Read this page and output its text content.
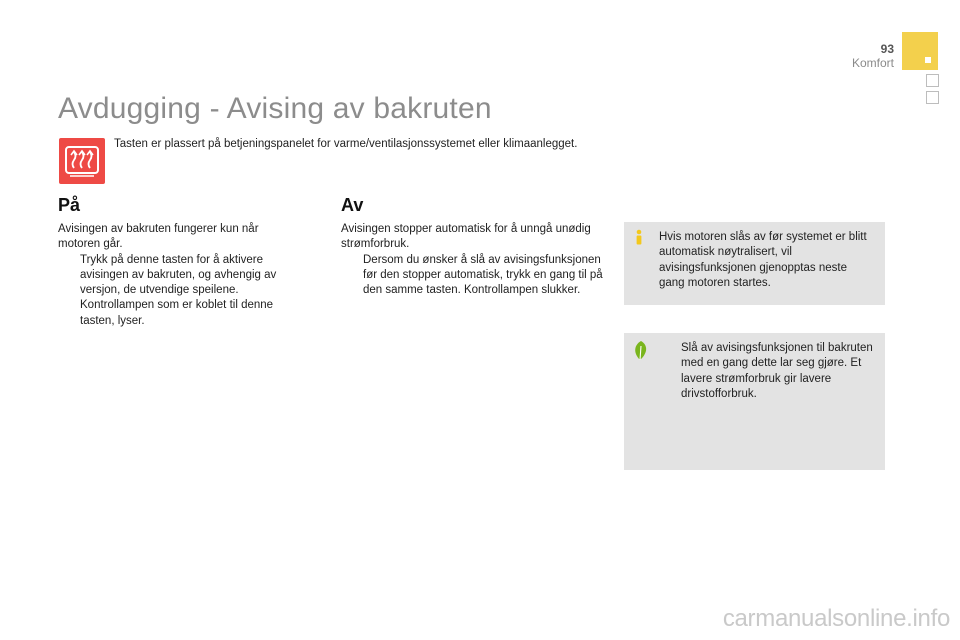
93
Komfort
Avdugging - Avising av bakruten

Tasten er plassert på betjeningspanelet for varme/ventilasjonssystemet eller klimaanlegget.

På

Avisingen av bakruten fungerer kun når motoren går.

Trykk på denne tasten for å aktivere avisingen av bakruten, og avhengig av versjon, de utvendige speilene. Kontrollampen som er koblet til denne tasten, lyser.

Av

Avisingen stopper automatisk for å unngå unødig strømforbruk.

Dersom du ønsker å slå av avisingsfunksjonen før den stopper automatisk, trykk en gang til på den samme tasten. Kontrollampen slukker.

Hvis motoren slås av før systemet er blitt automatisk nøytralisert, vil avisingsfunksjonen gjenopptas neste gang motoren startes.

Slå av avisingsfunksjonen til bakruten med en gang dette lar seg gjøre. Et lavere strømforbruk gir lavere drivstofforbruk.
carmanualsonline.info
